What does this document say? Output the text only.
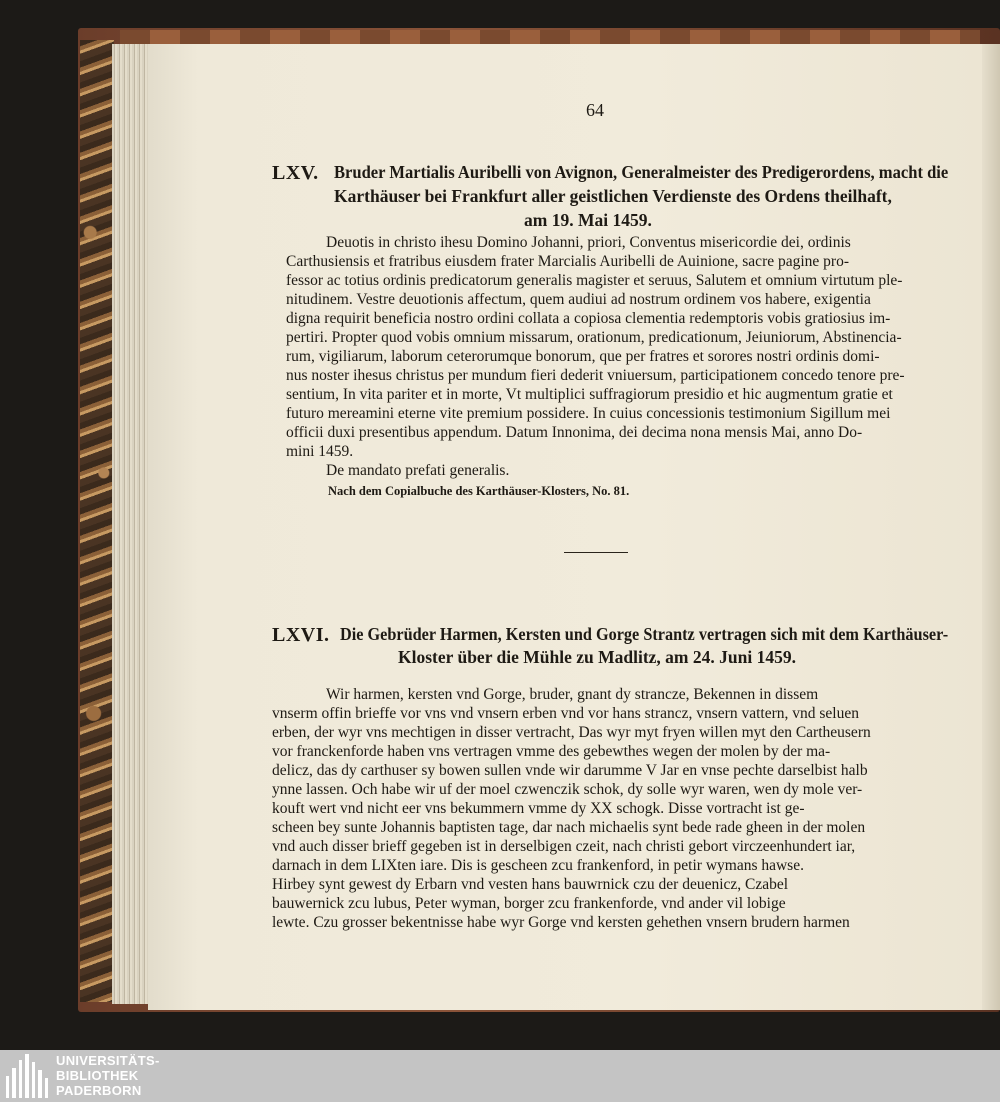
64
LXV. Bruder Martialis Auribelli von Avignon, Generalmeister des Predigerordens, macht die
Karthäuser bei Frankfurt aller geistlichen Verdienste des Ordens theilhaft,
am 19. Mai 1459.
Deuotis in christo ihesu Domino Johanni, priori, Conventus misericordie dei, ordinis
Carthusiensis et fratribus eiusdem frater Marcialis Auribelli de Auinione, sacre pagine pro-
fessor ac totius ordinis predicatorum generalis magister et seruus, Salutem et omnium virtutum ple-
nitudinem. Vestre deuotionis affectum, quem audiui ad nostrum ordinem vos habere, exigentia
digna requirit beneficia nostro ordini collata a copiosa clementia redemptoris vobis gratiosius im-
pertiri. Propter quod vobis omnium missarum, orationum, predicationum, Jeiuniorum, Abstinencia-
rum, vigiliarum, laborum ceterorumque bonorum, que per fratres et sorores nostri ordinis domi-
nus noster ihesus christus per mundum fieri dederit vniuersum, participationem concedo tenore pre-
sentium, In vita pariter et in morte, Vt multiplici suffragiorum presidio et hic augmentum gratie et
futuro mereamini eterne vite premium possidere. In cuius concessionis testimonium Sigillum mei
officii duxi presentibus appendum. Datum Innonima, dei decima nona mensis Mai, anno Do-
mini 1459.
De mandato prefati generalis.
Nach dem Copialbuche des Karthäuser-Klosters, No. 81.
LXVI. Die Gebrüder Harmen, Kersten und Gorge Strantz vertragen sich mit dem Karthäuser-
Kloster über die Mühle zu Madlitz, am 24. Juni 1459.
Wir harmen, kersten vnd Gorge, bruder, gnant dy strancze, Bekennen in dissem
vnserm offin brieffe vor vns vnd vnsern erben vnd vor hans strancz, vnsern vattern, vnd seluen
erben, der wyr vns mechtigen in disser vertracht, Das wyr myt fryen willen myt den Cartheusern
vor franckenforde haben vns vertragen vmme des gebewthes wegen der molen by der ma-
delicz, das dy carthuser sy bowen sullen vnde wir darumme V Jar en vnse pechte darselbist halb
ynne lassen. Och habe wir uf der moel czwenczik schok, dy solle wyr waren, wen dy mole ver-
kouft wert vnd nicht eer vns bekummern vmme dy XX schogk. Disse vortracht ist ge-
scheen bey sunte Johannis baptisten tage, dar nach michaelis synt bede rade gheen in der molen
vnd auch disser brieff gegeben ist in derselbigen czeit, nach christi gebort virczeenhundert iar,
darnach in dem LIXten iare. Dis is gescheen zcu frankenford, in petir wymans hawse.
Hirbey synt gewest dy Erbarn vnd vesten hans bauwrnick czu der deuenicz, Czabel
bauwernick zcu lubus, Peter wyman, borger zcu frankenforde, vnd ander vil lobige
lewte. Czu grosser bekentnisse habe wyr Gorge vnd kersten gehethen vnsern brudern harmen
UNIVERSITÄTS-
BIBLIOTHEK
PADERBORN
